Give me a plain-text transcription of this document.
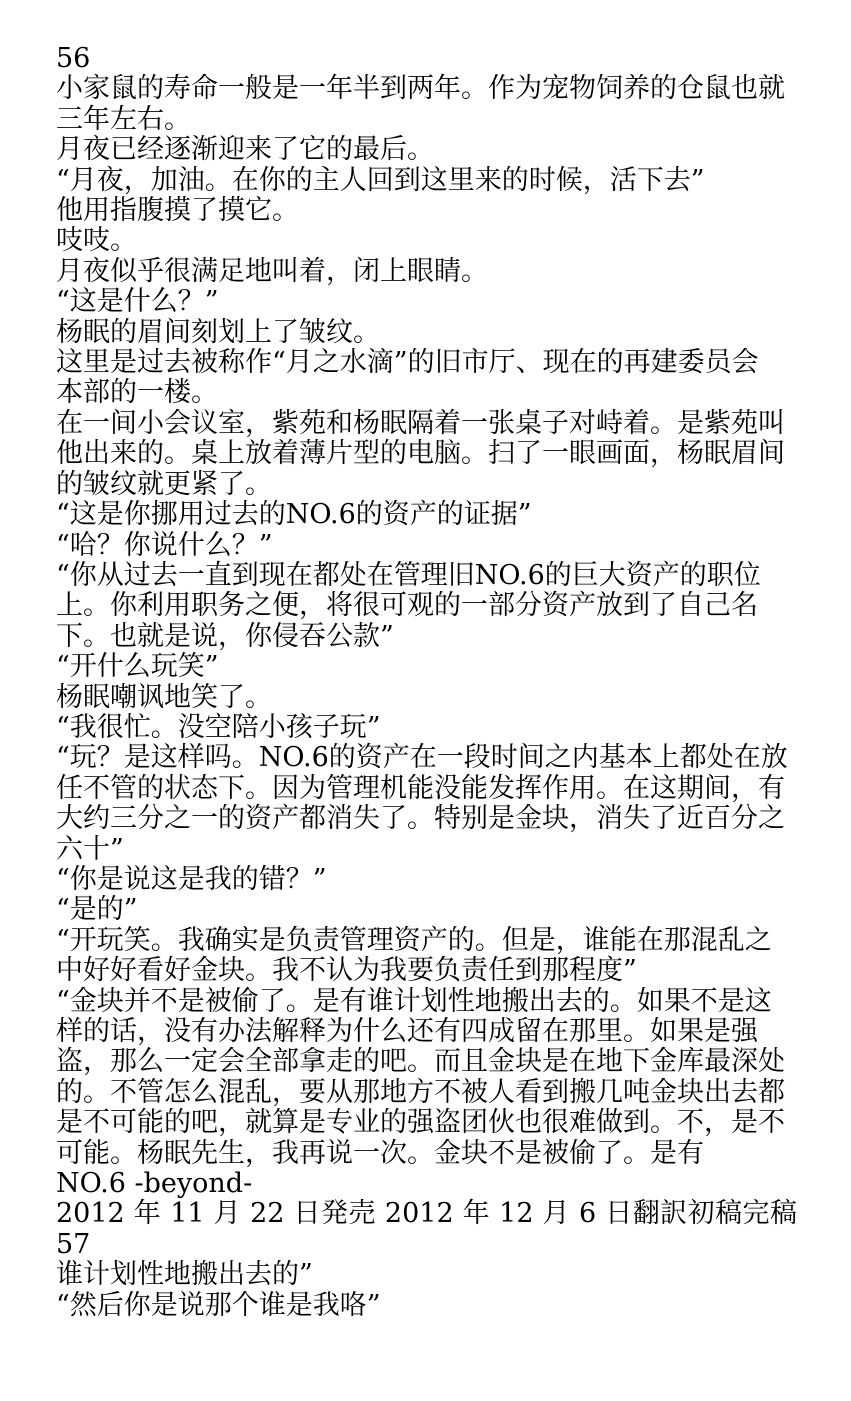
56
小家鼠的寿命一般是一年半到两年。作为宠物饲养的仓鼠也就
三年左右。
月夜已经逐渐迎来了它的最后。
“月夜，加油。在你的主人回到这里来的时候，活下去”
他用指腹摸了摸它。
吱吱。
月夜似乎很满足地叫着，闭上眼睛。
“这是什么？”
杨眠的眉间刻划上了皱纹。
这里是过去被称作“月之水滴”的旧市厅、现在的再建委员会
本部的一楼。
在一间小会议室，紫苑和杨眠隔着一张桌子对峙着。是紫苑叫
他出来的。桌上放着薄片型的电脑。扫了一眼画面，杨眠眉间
的皱纹就更紧了。
“这是你挪用过去的NO.6的资产的证据”
“哈？你说什么？”
“你从过去一直到现在都处在管理旧NO.6的巨大资产的职位
上。你利用职务之便，将很可观的一部分资产放到了自己名
下。也就是说，你侵吞公款”
“开什么玩笑”
杨眠嘲讽地笑了。
“我很忙。没空陪小孩子玩”
“玩？是这样吗。NO.6的资产在一段时间之内基本上都处在放
任不管的状态下。因为管理机能没能发挥作用。在这期间，有
大约三分之一的资产都消失了。特别是金块，消失了近百分之
六十”
“你是说这是我的错？”
“是的”
“开玩笑。我确实是负责管理资产的。但是，谁能在那混乱之
中好好看好金块。我不认为我要负责任到那程度”
“金块并不是被偷了。是有谁计划性地搬出去的。如果不是这
样的话，没有办法解释为什么还有四成留在那里。如果是强
盗，那么一定会全部拿走的吧。而且金块是在地下金库最深处
的。不管怎么混乱，要从那地方不被人看到搬几吨金块出去都
是不可能的吧，就算是专业的强盗团伙也很难做到。不，是不
可能。杨眠先生，我再说一次。金块不是被偷了。是有
NO.6 -beyond-
2012 年 11 月 22 日発売 2012 年 12 月 6 日翻訳初稿完稿
57
谁计划性地搬出去的”
“然后你是说那个谁是我咯”
